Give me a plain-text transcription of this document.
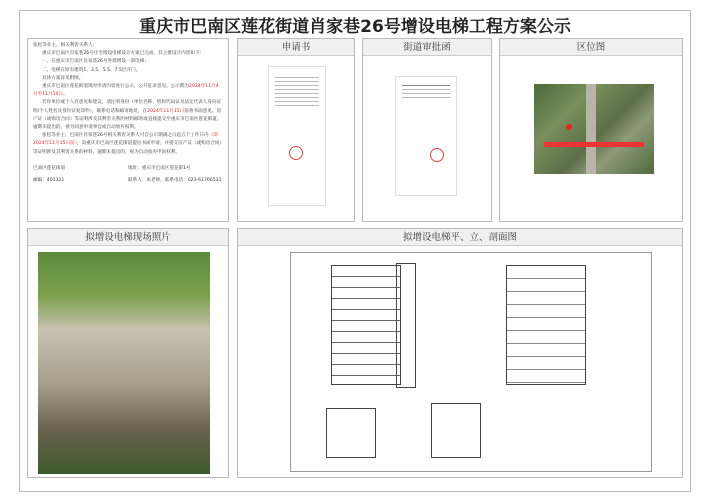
重庆市巴南区莲花街道肖家巷26号增设电梯工程方案公示

张松等业主、相关利害关系人：

重庆市巴南区肖家巷26号住宅增设电梯设计方案已完成，其主要设计内容如下：

一、在重庆市巴南区肖家巷26号外墙增设一部电梯；

二、电梯在原有建筑1、3.5、5.5、7.5层开门。

具体方案详见附图。

重庆市巴南区莲花街道现对申请内容进行公示，公开征求意见。公示期为2024年11月4日至11月10日。

若你单位或个人有意见和建议，请注明身份（单位名称、机构代码证及法定代表人身份证明/个人姓名及身份证复印件），联系电话和邮寄地址，在2024年11月15日前将书面意见、房产证（或购房合同）等证明涉及其利害关系的材料邮寄或直接提交至重庆市巴南区莲花街道。逾期未提出的，视为同意申请事宜或自动放弃权利。

张松等业主、巴南区肖家巷26号相关利害关系人可自公示期满之日起五个工作日内（即2024年11月15日前），向重庆市巴南区莲花街道提出书面申请，并提交房产证（或购房合同）等证明涉及其利害关系的材料。逾期未提出的，视为自动放弃申诉权利。

巴南区莲花街道	地址：重庆市巴南区莲花街1号
邮编：401321	联系人：朱老师，联系电话：023-61766531
申请书	街道审批函	区位图
拟增设电梯现场照片	拟增设电梯平、立、剖面图
